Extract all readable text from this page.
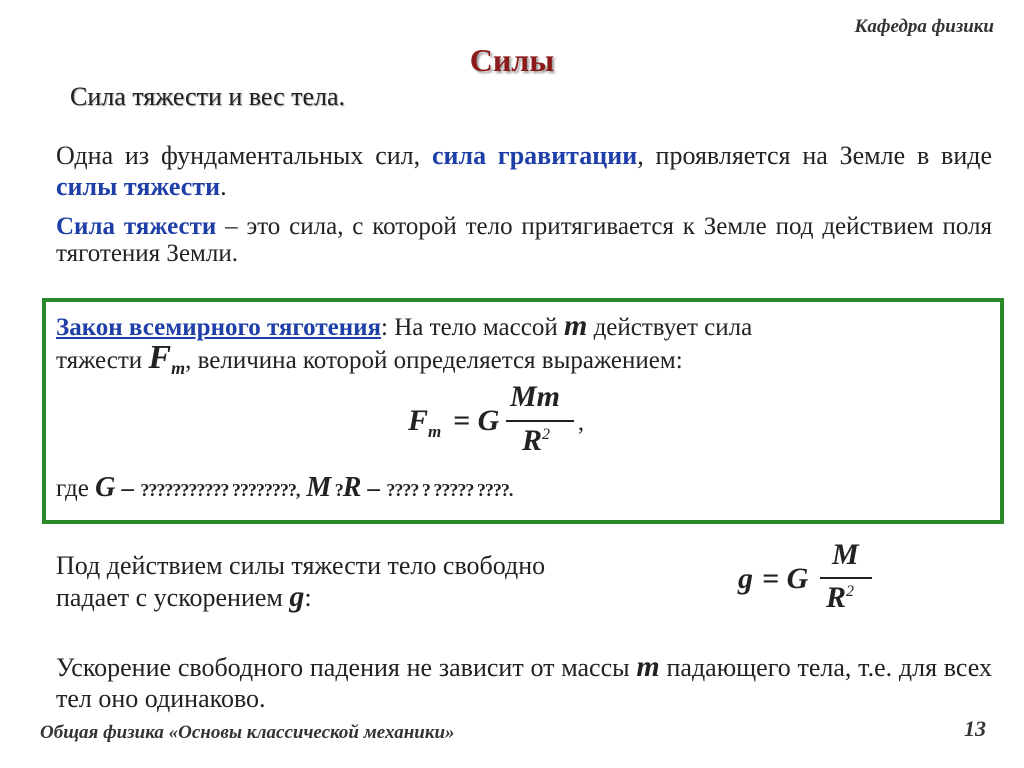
Кафедра физики
Силы
Сила тяжести и вес тела.
Одна из фундаментальных сил, сила гравитации, проявляется на Земле в виде силы тяжести.
Сила тяжести – это сила, с которой тело притягивается к Земле под действием поля тяготения Земли.
Закон всемирного тяготения: На тело массой m действует сила
тяжести $F_т$, величина которой определяется выражением:
$F_т = G$
Mm
$R^2$ ,
где G – ??????????? ????????, M ?R – ???? ? ????? ????.
Под действием силы тяжести тело свободно
падает с ускорением g:
g = G
M
$R^2$
Ускорение свободного падения не зависит от массы m падающего тела, т.е. для всех тел оно одинаково.
Общая физика «Основы классической механики»	13
